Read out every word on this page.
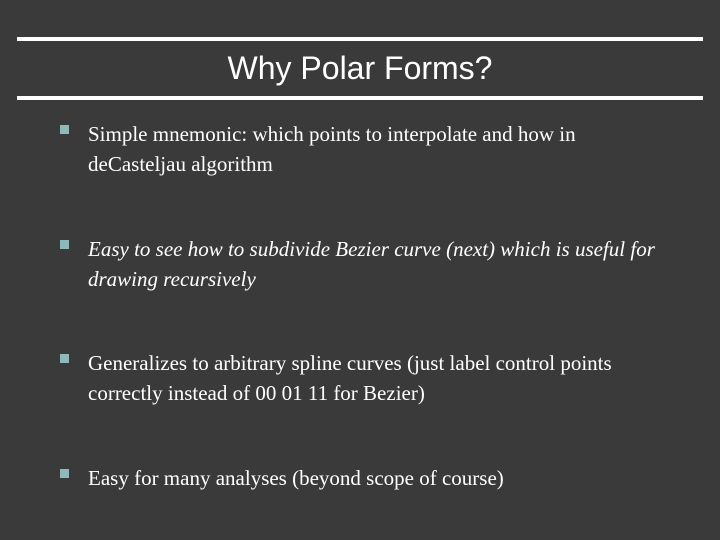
Why Polar Forms?
Simple mnemonic: which points to interpolate and how in deCasteljau algorithm
Easy to see how to subdivide Bezier curve (next) which is useful for drawing recursively
Generalizes to arbitrary spline curves (just label control points correctly instead of 00 01 11 for Bezier)
Easy for many analyses (beyond scope of course)
